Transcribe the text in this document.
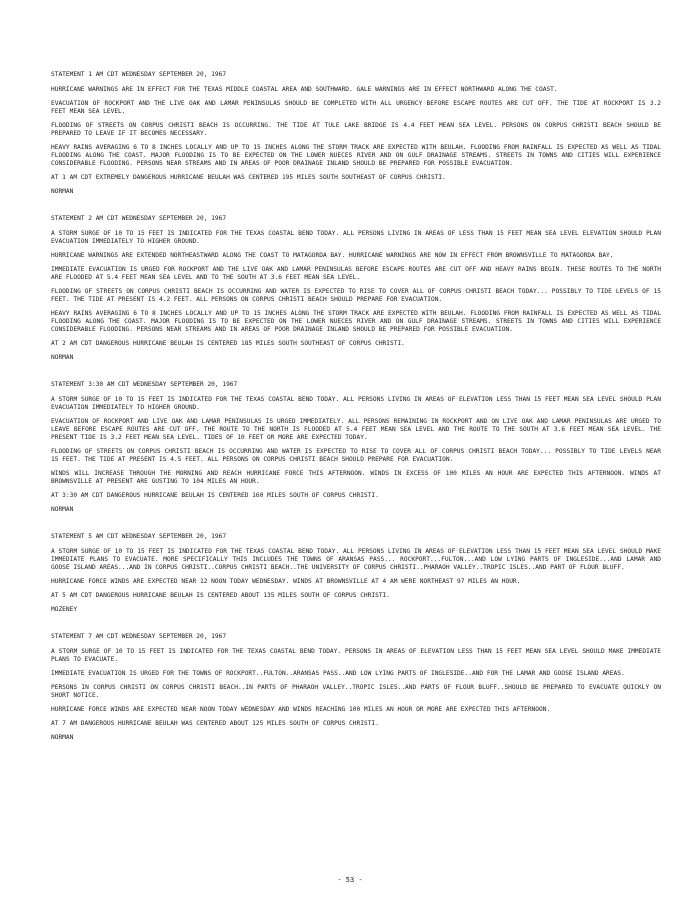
STATEMENT 1 AM CDT WEDNESDAY SEPTEMBER 20, 1967

HURRICANE WARNINGS ARE IN EFFECT FOR THE TEXAS MIDDLE COASTAL AREA AND SOUTHWARD. GALE WARNINGS ARE IN EFFECT NORTHWARD ALONG THE COAST.

EVACUATION OF ROCKPORT AND THE LIVE OAK AND LAMAR PENINSULAS SHOULD BE COMPLETED WITH ALL URGENCY BEFORE ESCAPE ROUTES ARE CUT OFF. THE TIDE AT ROCKPORT IS 3.2 FEET MEAN SEA LEVEL.

FLOODING OF STREETS ON CORPUS CHRISTI BEACH IS OCCURRING. THE TIDE AT TULE LAKE BRIDGE IS 4.4 FEET MEAN SEA LEVEL. PERSONS ON CORPUS CHRISTI BEACH SHOULD BE PREPARED TO LEAVE IF IT BECOMES NECESSARY.

HEAVY RAINS AVERAGING 6 TO 8 INCHES LOCALLY AND UP TO 15 INCHES ALONG THE STORM TRACK ARE EXPECTED WITH BEULAH. FLOODING FROM RAINFALL IS EXPECTED AS WELL AS TIDAL FLOODING ALONG THE COAST. MAJOR FLOODING IS TO BE EXPECTED ON THE LOWER NUECES RIVER AND ON GULF DRAINAGE STREAMS. STREETS IN TOWNS AND CITIES WILL EXPERIENCE CONSIDERABLE FLOODING. PERSONS NEAR STREAMS AND IN AREAS OF POOR DRAINAGE INLAND SHOULD BE PREPARED FOR POSSIBLE EVACUATION.

AT 1 AM CDT EXTREMELY DANGEROUS HURRICANE BEULAH WAS CENTERED 195 MILES SOUTH SOUTHEAST OF CORPUS CHRISTI.

NORMAN

STATEMENT 2 AM CDT WEDNESDAY SEPTEMBER 20, 1967

A STORM SURGE OF 10 TO 15 FEET IS INDICATED FOR THE TEXAS COASTAL BEND TODAY. ALL PERSONS LIVING IN AREAS OF LESS THAN 15 FEET MEAN SEA LEVEL ELEVATION SHOULD PLAN EVACUATION IMMEDIATELY TO HIGHER GROUND.

HURRICANE WARNINGS ARE EXTENDED NORTHEASTWARD ALONG THE COAST TO MATAGORDA BAY. HURRICANE WARNINGS ARE NOW IN EFFECT FROM BROWNSVILLE TO MATAGORDA BAY.

IMMEDIATE EVACUATION IS URGED FOR ROCKPORT AND THE LIVE OAK AND LAMAR PENINSULAS BEFORE ESCAPE ROUTES ARE CUT OFF AND HEAVY RAINS BEGIN. THESE ROUTES TO THE NORTH ARE FLOODED AT 5.4 FEET MEAN SEA LEVEL AND TO THE SOUTH AT 3.6 FEET MEAN SEA LEVEL.

FLOODING OF STREETS ON CORPUS CHRISTI BEACH IS OCCURRING AND WATER IS EXPECTED TO RISE TO COVER ALL OF CORPUS CHRISTI BEACH TODAY... POSSIBLY TO TIDE LEVELS OF 15 FEET. THE TIDE AT PRESENT IS 4.2 FEET. ALL PERSONS ON CORPUS CHRISTI BEACH SHOULD PREPARE FOR EVACUATION.

HEAVY RAINS AVERAGING 6 TO 8 INCHES LOCALLY AND UP TO 15 INCHES ALONG THE STORM TRACK ARE EXPECTED WITH BEULAH. FLOODING FROM RAINFALL IS EXPECTED AS WELL AS TIDAL FLOODING ALONG THE COAST. MAJOR FLOODING IS TO BE EXPECTED ON THE LOWER NUECES RIVER AND ON GULF DRAINAGE STREAMS. STREETS IN TOWNS AND CITIES WILL EXPERIENCE CONSIDERABLE FLOODING. PERSONS NEAR STREAMS AND IN AREAS OF POOR DRAINAGE INLAND SHOULD BE PREPARED FOR POSSIBLE EVACUATION.

AT 2 AM CDT DANGEROUS HURRICANE BEULAH IS CENTERED 185 MILES SOUTH SOUTHEAST OF CORPUS CHRISTI.

NORMAN

STATEMENT 3:30 AM CDT WEDNESDAY SEPTEMBER 20, 1967

A STORM SURGE OF 10 TO 15 FEET IS INDICATED FOR THE TEXAS COASTAL BEND TODAY. ALL PERSONS LIVING IN AREAS OF ELEVATION LESS THAN 15 FEET MEAN SEA LEVEL SHOULD PLAN EVACUATION IMMEDIATELY TO HIGHER GROUND.

EVACUATION OF ROCKPORT AND LIVE OAK AND LAMAR PENINSULAS IS URGED IMMEDIATELY. ALL PERSONS REMAINING IN ROCKPORT AND ON LIVE OAK AND LAMAR PENINSULAS ARE URGED TO LEAVE BEFORE ESCAPE ROUTES ARE CUT OFF. THE ROUTE TO THE NORTH IS FLOODED AT 5.4 FEET MEAN SEA LEVEL AND THE ROUTE TO THE SOUTH AT 3.6 FEET MEAN SEA LEVEL. THE PRESENT TIDE IS 3.2 FEET MEAN SEA LEVEL. TIDES OF 10 FEET OR MORE ARE EXPECTED TODAY.

FLOODING OF STREETS ON CORPUS CHRISTI BEACH IS OCCURRING AND WATER IS EXPECTED TO RISE TO COVER ALL OF CORPUS CHRISTI BEACH TODAY... POSSIBLY TO TIDE LEVELS NEAR 15 FEET. THE TIDE AT PRESENT IS 4.5 FEET. ALL PERSONS ON CORPUS CHRISTI BEACH SHOULD PREPARE FOR EVACUATION.

WINDS WILL INCREASE THROUGH THE MORNING AND REACH HURRICANE FORCE THIS AFTERNOON. WINDS IN EXCESS OF 100 MILES AN HOUR ARE EXPECTED THIS AFTERNOON. WINDS AT BROWNSVILLE AT PRESENT ARE GUSTING TO 104 MILES AN HOUR.

AT 3:30 AM CDT DANGEROUS HURRICANE BEULAH IS CENTERED 160 MILES SOUTH OF CORPUS CHRISTI.

NORMAN

STATEMENT 5 AM CDT WEDNESDAY SEPTEMBER 20, 1967

A STORM SURGE OF 10 TO 15 FEET IS INDICATED FOR THE TEXAS COASTAL BEND TODAY. ALL PERSONS LIVING IN AREAS OF ELEVATION LESS THAN 15 FEET MEAN SEA LEVEL SHOULD MAKE IMMEDIATE PLANS TO EVACUATE. MORE SPECIFICALLY THIS INCLUDES THE TOWNS OF ARANSAS PASS... ROCKPORT...FULTON...AND LOW LYING PARTS OF INGLESIDE...AND LAMAR AND GOOSE ISLAND AREAS...AND IN CORPUS CHRISTI..CORPUS CHRISTI BEACH..THE UNIVERSITY OF CORPUS CHRISTI..PHARAOH VALLEY..TROPIC ISLES..AND PART OF FLOUR BLUFF.

HURRICANE FORCE WINDS ARE EXPECTED NEAR 12 NOON TODAY WEDNESDAY. WINDS AT BROWNSVILLE AT 4 AM WERE NORTHEAST 97 MILES AN HOUR.

AT 5 AM CDT DANGEROUS HURRICANE BEULAH IS CENTERED ABOUT 135 MILES SOUTH OF CORPUS CHRISTI.

MOZENEY

STATEMENT 7 AM CDT WEDNESDAY SEPTEMBER 20, 1967

A STORM SURGE OF 10 TO 15 FEET IS INDICATED FOR THE TEXAS COASTAL BEND TODAY. PERSONS IN AREAS OF ELEVATION LESS THAN 15 FEET MEAN SEA LEVEL SHOULD MAKE IMMEDIATE PLANS TO EVACUATE.

IMMEDIATE EVACUATION IS URGED FOR THE TOWNS OF ROCKPORT..FULTON..ARANSAS PASS..AND LOW LYING PARTS OF INGLESIDE..AND FOR THE LAMAR AND GOOSE ISLAND AREAS.

PERSONS IN CORPUS CHRISTI ON CORPUS CHRISTI BEACH..IN PARTS OF PHARAOH VALLEY..TROPIC ISLES..AND PARTS OF FLOUR BLUFF..SHOULD BE PREPARED TO EVACUATE QUICKLY ON SHORT NOTICE.

HURRICANE FORCE WINDS ARE EXPECTED NEAR NOON TODAY WEDNESDAY AND WINDS REACHING 100 MILES AN HOUR OR MORE ARE EXPECTED THIS AFTERNOON.

AT 7 AM DANGEROUS HURRICANE BEULAH WAS CENTERED ABOUT 125 MILES SOUTH OF CORPUS CHRISTI.

NORMAN

- 53 -
